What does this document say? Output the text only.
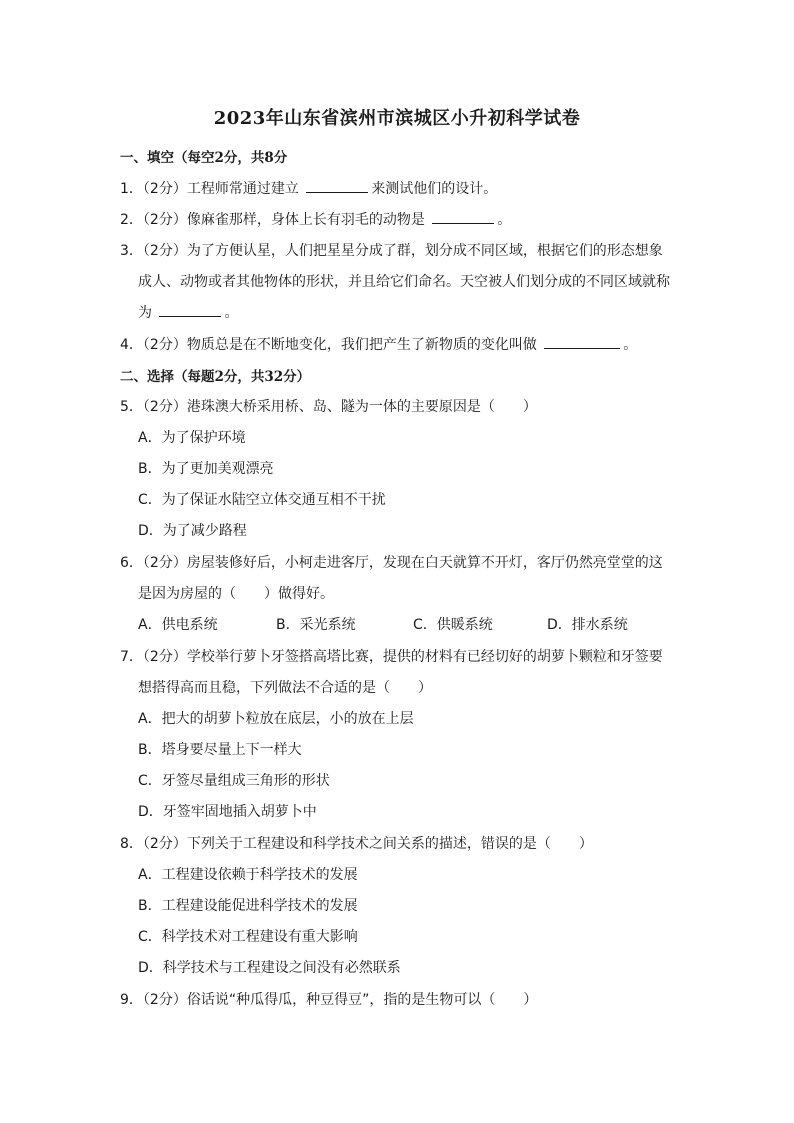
2023年山东省滨州市滨城区小升初科学试卷
一、填空（每空2分，共8分
1．（2分）工程师常通过建立	来测试他们的设计。
2．（2分）像麻雀那样，身体上长有羽毛的动物是	。
3．（2分）为了方便认星，人们把星星分成了群，划分成不同区域，根据它们的形态想象
成人、动物或者其他物体的形状，并且给它们命名。天空被人们划分成的不同区域就称
为	。
4．（2分）物质总是在不断地变化，我们把产生了新物质的变化叫做	。
二、选择（每题2分，共32分）
5．（2分）港珠澳大桥采用桥、岛、隧为一体的主要原因是（　　）
A．为了保护环境
B．为了更加美观漂亮
C．为了保证水陆空立体交通互相不干扰
D．为了减少路程
6．（2分）房屋装修好后，小柯走进客厅，发现在白天就算不开灯，客厅仍然亮堂堂的这
是因为房屋的（　　）做得好。
A．供电系统	B．采光系统	C．供暖系统	D．排水系统
7．（2分）学校举行萝卜牙签搭高塔比赛，提供的材料有已经切好的胡萝卜颗粒和牙签要
想搭得高而且稳，下列做法不合适的是（　　）
A．把大的胡萝卜粒放在底层，小的放在上层
B．塔身要尽量上下一样大
C．牙签尽量组成三角形的形状
D．牙签牢固地插入胡萝卜中
8．（2分）下列关于工程建设和科学技术之间关系的描述，错误的是（　　）
A．工程建设依赖于科学技术的发展
B．工程建设能促进科学技术的发展
C．科学技术对工程建设有重大影响
D．科学技术与工程建设之间没有必然联系
9．（2分）俗话说“种瓜得瓜，种豆得豆”，指的是生物可以（　　）
